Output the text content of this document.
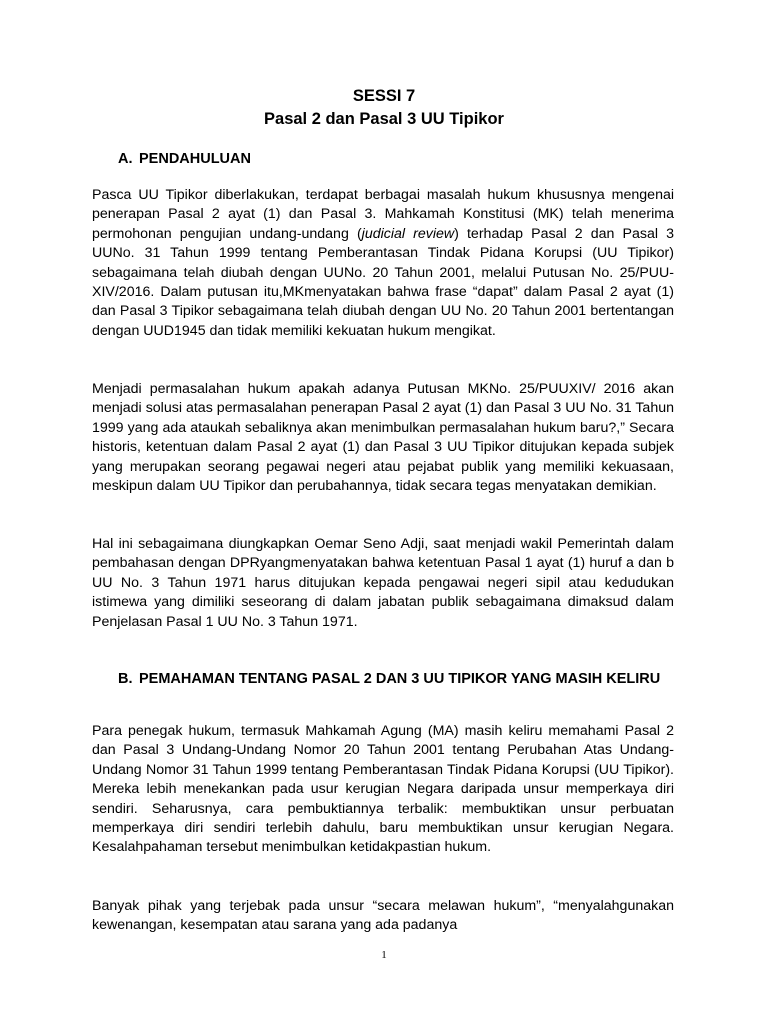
SESSI 7
Pasal 2 dan Pasal 3 UU Tipikor
A. PENDAHULUAN

Pasca UU Tipikor diberlakukan, terdapat berbagai masalah hukum khususnya mengenai penerapan Pasal 2 ayat (1) dan Pasal 3. Mahkamah Konstitusi (MK) telah menerima permohonan pengujian undang-undang (judicial review) terhadap Pasal 2 dan Pasal 3 UUNo. 31 Tahun 1999 tentang Pemberantasan Tindak Pidana Korupsi (UU Tipikor) sebagaimana telah diubah dengan UUNo. 20 Tahun 2001, melalui Putusan No. 25/PUU-XIV/2016. Dalam putusan itu,MKmenyatakan bahwa frase “dapat” dalam Pasal 2 ayat (1) dan Pasal 3 Tipikor sebagaimana telah diubah dengan UU No. 20 Tahun 2001 bertentangan dengan UUD1945 dan tidak memiliki kekuatan hukum mengikat.

Menjadi permasalahan hukum apakah adanya Putusan MKNo. 25/PUUXIV/ 2016 akan menjadi solusi atas permasalahan penerapan Pasal 2 ayat (1) dan Pasal 3 UU No. 31 Tahun 1999 yang ada ataukah sebaliknya akan menimbulkan permasalahan hukum baru?,” Secara historis, ketentuan dalam Pasal 2 ayat (1) dan Pasal 3 UU Tipikor ditujukan kepada subjek yang merupakan seorang pegawai negeri atau pejabat publik yang memiliki kekuasaan, meskipun dalam UU Tipikor dan perubahannya, tidak secara tegas menyatakan demikian.

Hal ini sebagaimana diungkapkan Oemar Seno Adji, saat menjadi wakil Pemerintah dalam pembahasan dengan DPRyangmenyatakan bahwa ketentuan Pasal 1 ayat (1) huruf a dan b UU No. 3 Tahun 1971 harus ditujukan kepada pengawai negeri sipil atau kedudukan istimewa yang dimiliki seseorang di dalam jabatan publik sebagaimana dimaksud dalam Penjelasan Pasal 1 UU No. 3 Tahun 1971.

B. PEMAHAMAN TENTANG PASAL 2 DAN 3 UU TIPIKOR YANG MASIH KELIRU

Para penegak hukum, termasuk Mahkamah Agung (MA) masih keliru memahami Pasal 2 dan Pasal 3 Undang-Undang Nomor 20 Tahun 2001 tentang Perubahan Atas Undang-Undang Nomor 31 Tahun 1999 tentang Pemberantasan Tindak Pidana Korupsi (UU Tipikor). Mereka lebih menekankan pada usur kerugian Negara daripada unsur memperkaya diri sendiri. Seharusnya, cara pembuktiannya terbalik: membuktikan unsur perbuatan memperkaya diri sendiri terlebih dahulu, baru membuktikan unsur kerugian Negara. Kesalahpahaman tersebut menimbulkan ketidakpastian hukum.

Banyak pihak yang terjebak pada unsur “secara melawan hukum”, “menyalahgunakan kewenangan, kesempatan atau sarana yang ada padanya

1
